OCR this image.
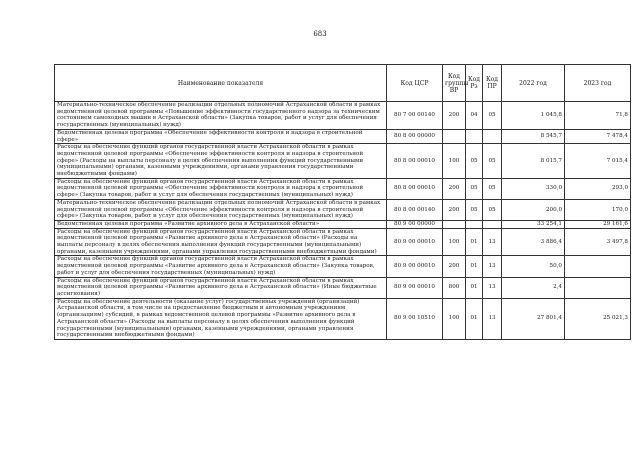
683
Наименование показателя	Код ЦСР	Код группы ВР	Код Рз	Код ПР	2022 год	2023 год
Материально-техническое обеспечение реализации отдельных полномочий Астраханской области в рамках ведомственной целевой программы «Повышение эффективности государственного надзора за техническим состоянием самоходных машин в Астраханской области» (Закупка товаров, работ и услуг для обеспечения государственных (муниципальных) нужд)	80 7 00 00140	200	04	05	1 045,8	71,8
Ведомственная целевая программа «Обеспечение эффективности контроля и надзора в строительной сфере»	80 8 00 00000				8 545,7	7 478,4
Расходы на обеспечение функций органов государственной власти Астраханской области в рамках ведомственной целевой программы «Обеспечение эффективности контроля и надзора в строительной сфере» (Расходы на выплаты персоналу в целях обеспечения выполнения функций государственными (муниципальными) органами, казенными учреждениями, органами управления государственными внебюджетными фондами)	80 8 00 00010	100	05	05	8 015,7	7 015,4
Расходы на обеспечение функций органов государственной власти Астраханской области в рамках ведомственной целевой программы «Обеспечение эффективности контроля и надзора в строительной сфере» (Закупка товаров, работ и услуг для обеспечения государственных (муниципальных) нужд)	80 8 00 00010	200	05	05	330,0	293,0
Материально-техническое обеспечение реализации отдельных полномочий Астраханской области в рамках ведомственной целевой программы «Обеспечение эффективности контроля и надзора в строительной сфере» (Закупка товаров, работ и услуг для обеспечения государственных (муниципальных) нужд)	80 8 00 00140	200	05	05	200,0	170,0
Ведомственная целевая программа «Развитие архивного дела в Астраханской области»	80 9 00 00000				33 254,1	29 161,6
Расходы на обеспечение функций органов государственной власти Астраханской области в рамках ведомственной целевой программы «Развитие архивного дела в Астраханской области» (Расходы на выплаты персоналу в целях обеспечения выполнения функций государственными (муниципальными) органами, казенными учреждениями, органами управления государственными внебюджетными фондами)	80 9 00 00010	100	01	13	3 886,4	3 497,8
Расходы на обеспечение функций органов государственной власти Астраханской области в рамках ведомственной целевой программы «Развитие архивного дела в Астраханской области» (Закупка товаров, работ и услуг для обеспечения государственных (муниципальных) нужд)	80 9 00 00010	200	01	13	50,0	
Расходы на обеспечение функций органов государственной власти Астраханской области в рамках ведомственной целевой программы «Развитие архивного дела в Астраханской области» (Иные бюджетные ассигнования)	80 9 00 00010	800	01	13	2,4	
Расходы на обеспечение деятельности (оказание услуг) государственных учреждений (организаций) Астраханской области, в том числе на предоставление бюджетным и автономным учреждениям (организациям) субсидий, в рамках ведомственной целевой программы «Развитие архивного дела в Астраханской области» (Расходы на выплаты персоналу в целях обеспечения выполнения функций государственными (муниципальными) органами, казенными учреждениями, органами управления государственными внебюджетными фондами)	80 9 00 10510	100	01	13	27 801,4	25 021,3
